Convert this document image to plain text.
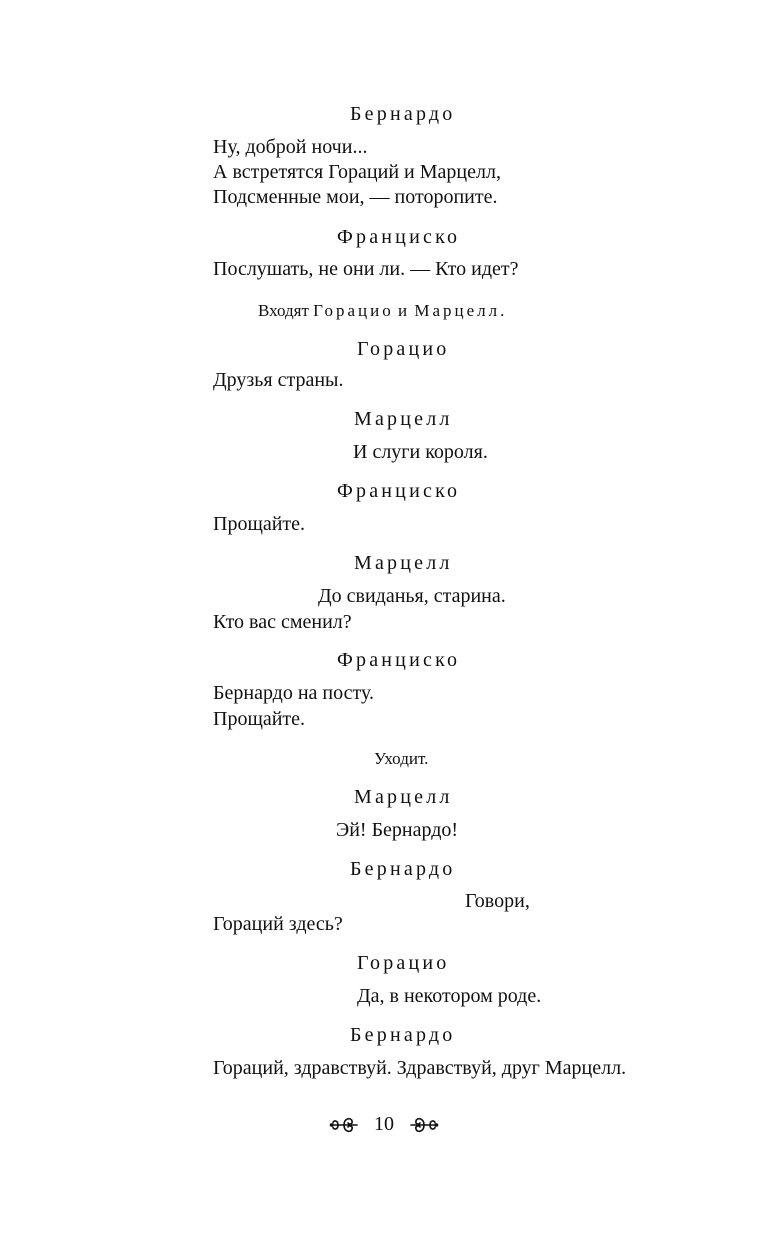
Бернардо
Ну, доброй ночи...
А встретятся Гораций и Марцелл,
Подсменные мои, — поторопите.
Франциско
Послушать, не они ли. — Кто идет?
Входят Горацио и Марцелл.
Горацио
Друзья страны.
Марцелл
И слуги короля.
Франциско
Прощайте.
Марцелл
До свиданья, старина.
Кто вас сменил?
Франциско
Бернардо на посту.
Прощайте.
Уходит.
Марцелл
Эй! Бернардо!
Бернардо
Говори,
Гораций здесь?
Горацио
Да, в некотором роде.
Бернардо
Гораций, здравствуй. Здравствуй, друг Марцелл.
10
